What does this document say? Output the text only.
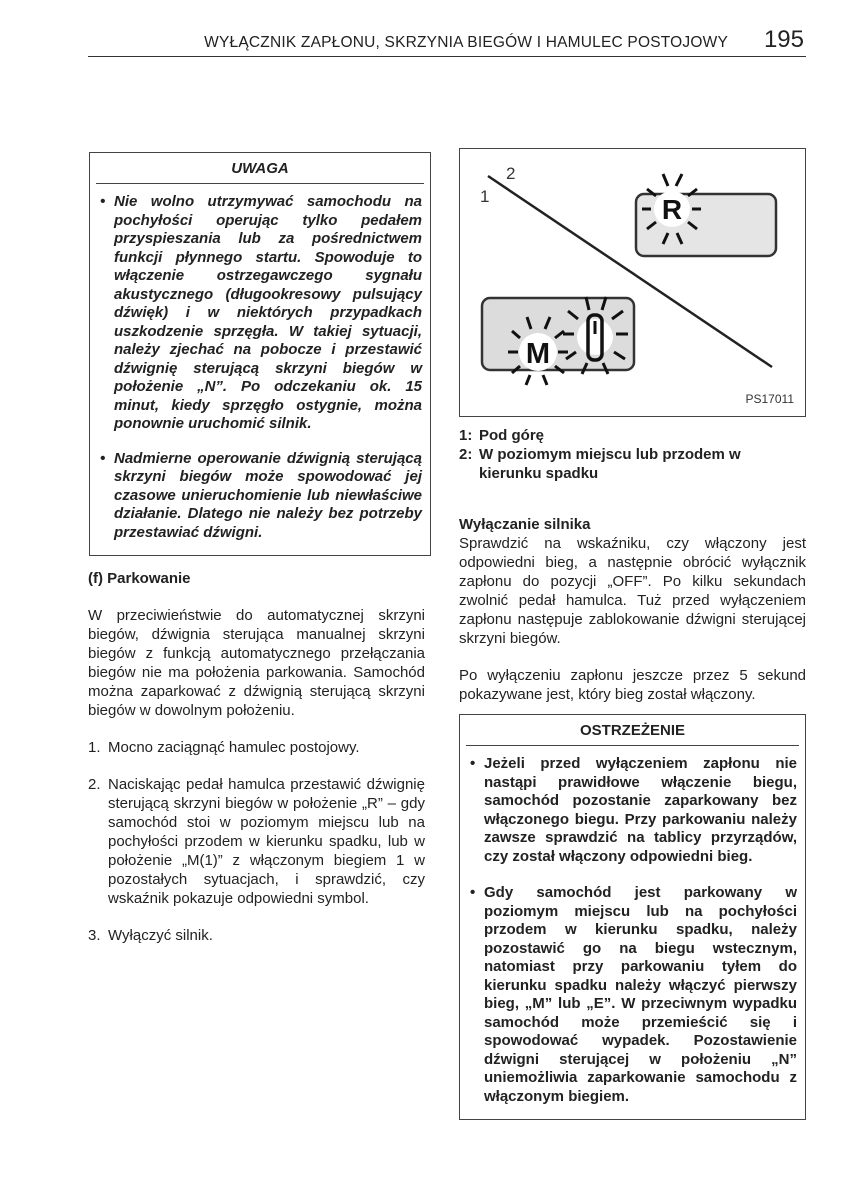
WYŁĄCZNIK ZAPŁONU, SKRZYNIA BIEGÓW I HAMULEC POSTOJOWY 195
UWAGA
• Nie wolno utrzymywać samochodu na pochyłości operując tylko pedałem przyspieszania lub za pośrednictwem funkcji płynnego startu. Spowoduje to włączenie ostrzegawczego sygnału akustycznego (długookresowy pulsujący dźwięk) i w niektórych przypadkach uszkodzenie sprzęgła. W takiej sytuacji, należy zjechać na pobocze i przestawić dźwignię sterującą skrzyni biegów w położenie „N”. Po odczekaniu ok. 15 minut, kiedy sprzęgło ostygnie, można ponownie uruchomić silnik.
• Nadmierne operowanie dźwignią sterującą skrzyni biegów może spowodować jej czasowe unieruchomienie lub niewłaściwe działanie. Dlatego nie należy bez potrzeby przestawiać dźwigni.
(f) Parkowanie

W przeciwieństwie do automatycznej skrzyni biegów, dźwignia sterująca manualnej skrzyni biegów z funkcją automatycznego przełączania biegów nie ma położenia parkowania. Samochód można zaparkować z dźwignią sterującą skrzyni biegów w dowolnym położeniu.

1. Mocno zaciągnąć hamulec postojowy.
2. Naciskając pedał hamulca przestawić dźwignię sterującą skrzyni biegów w położenie „R” – gdy samochód stoi w poziomym miejscu lub na pochyłości przodem w kierunku spadku, lub w położenie „M(1)” z włączonym biegiem 1 w pozostałych sytuacjach, i sprawdzić, czy wskaźnik pokazuje odpowiedni symbol.
3. Wyłączyć silnik.
1
2
R
M
PS17011
1: Pod górę
2: W poziomym miejscu lub przodem w kierunku spadku
Wyłączanie silnika

Sprawdzić na wskaźniku, czy włączony jest odpowiedni bieg, a następnie obrócić wyłącznik zapłonu do pozycji „OFF”. Po kilku sekundach zwolnić pedał hamulca. Tuż przed wyłączeniem zapłonu następuje zablokowanie dźwigni sterującej skrzyni biegów.

Po wyłączeniu zapłonu jeszcze przez 5 sekund pokazywane jest, który bieg został włączony.

OSTRZEŻENIE
• Jeżeli przed wyłączeniem zapłonu nie nastąpi prawidłowe włączenie biegu, samochód pozostanie zaparkowany bez włączonego biegu. Przy parkowaniu należy zawsze sprawdzić na tablicy przyrządów, czy został włączony odpowiedni bieg.
• Gdy samochód jest parkowany w poziomym miejscu lub na pochyłości przodem w kierunku spadku, należy pozostawić go na biegu wstecznym, natomiast przy parkowaniu tyłem do kierunku spadku należy włączyć pierwszy bieg, „M” lub „E”. W przeciwnym wypadku samochód może przemieścić się i spowodować wypadek. Pozostawienie dźwigni sterującej w położeniu „N” uniemożliwia zaparkowanie samochodu z włączonym biegiem.
